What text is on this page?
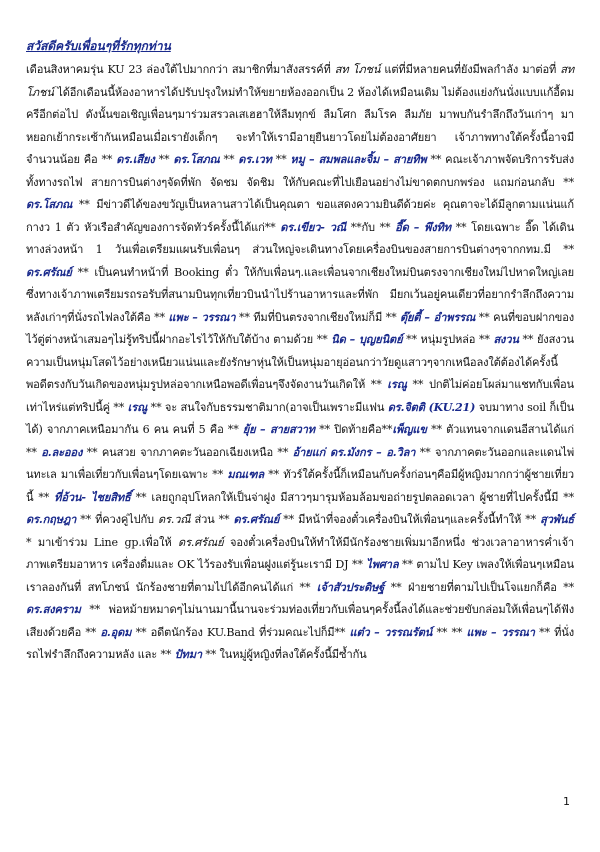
สวัสดีครับเพื่อนๆที่รักทุกท่าน

เดือนสิงหาคมรุ่น KU 23 ล่องใต้ไปมากกว่า สมาชิกที่มาสังสรรค์ที่ สท โภชน์ แต่ที่มีหลายคนที่ยังมีพลกำลัง มาต่อที่ สท โภชน์ ได้อีกเดือนนี้ห้องอาหารได้ปรับปรุงใหม่ทำให้ขยายห้องออกเป็น 2 ห้องได้เหมือนเดิม ไม่ต้องแย่งกันนั่งแบบแก้อื้ดมครีอีกต่อไป ดังนั้นขอเชิญเพื่อนๆมาร่วมสรวลเสเฮฮาให้ลืมทุกข์ ลืมโศก ลืมโรค ลืมภัย มาพบกันรำลึกถึงวันเก่าๆ มาหยอกเย้ากระเซ้ากันเหมือนเมื่อเรายังเด็กๆ จะทำให้เรามีอายุยืนยาวโดยไม่ต้องอาศัยยา เจ้าภาพทางใต้ครั้งนี้อาจมีจำนวนน้อย คือ ** ดร.เสียง ** ดร.โสภณ ** ดร.เวท ** หมู – สมพลและจิ้ม – สายทิพ ** คณะเจ้าภาพจัดบริการรับส่งทั้งทางรถไฟ สายการบินต่างๆจัดที่พัก จัดชม จัดชิม ให้กับคณะที่ไปเยือนอย่างไม่ขาดตกบกพร่อง แถมก่อนกลับ ** ดร.โสภณ ** มีข่าวดีได้ของขวัญเป็นหลานสาวได้เป็นคุณตา ขอแสดงความยินดีด้วยค่ะ คุณตาจะได้มีลูกตามแน่นแก้กางว 1 ตัว หัวเรือสำคัญของการจัดทัวร์ครั้งนี้ได้แก่** ดร.เขียว- วณี **กับ ** อี๊ด – พึงทิท ** โดยเฉพาะ อี๊ด ได้เดินทางล่วงหน้า 1 วันเพื่อเตรียมแผนรับเพื่อนๆ ส่วนใหญ่จะเดินทางโดยเครื่องบินของสายการบินต่างๆจากกทม.มี ** ดร.ศรัณย์ ** เป็นคนทำหน้าที่ Booking ตั๋ว ให้กับเพื่อนๆ.และเพื่อนจากเชียงใหม่บินตรงจากเชียงใหม่ไปหาดใหญ่เลย ซึ่งทางเจ้าภาพเตรียมรถรอรับที่สนามบินทุกเที่ยวบินนำไปร้านอาหารและที่พัก มียกเว้นอยู่คนเดียวที่อยากรำลึกถึงความหลังเก่าๆที่นั่งรถไฟลงใต้คือ ** แพะ – วรรณา ** ทีมที่บินตรงจากเชียงใหม่ก็มี ** ตุ๊ยตี้ – อำพรรณ ** คนที่ขอบฝากของไว้ตู่ต่างหน้าเสมอๆไม่รู้ทริปนี้ฝากอะไรไว้ให้กับใต้บ้าง ตามด้วย ** นิด – บุญยนิตย์ ** หนุ่มรูปหล่อ ** สงวน ** ยังสงวนความเป็นหนุ่มโสดไว้อย่างเหนียวแน่นและยังรักษาหุ่นให้เป็นหนุ่มอายุอ่อนกว่าวัยดูแสาวๆจากเหนือลงใต้ต้องได้ครั้งนี้พอดีตรงกับวันเกิดของหนุ่มรูปหล่อจากเหนือพอดีเพื่อนๆจึงจัดงานวันเกิดให้ ** เรณู ** ปกติไม่ค่อยโผล่มาแชทกับเพื่อนเท่าไหร่แต่ทริปนี้คู่ ** เรณู ** จะ สนใจกับธรรมชาติมาก(อาจเป็นเพราะมีแฟน ดร.จิตติ (KU.21) จบมาทาง soil ก็เป็นได้) จากภาคเหนือมากัน 6 คน คนที่ 5 คือ ** ยุ้ย – สายสวาท ** ปิดท้ายคือ**เพ็ญแข ** ตัวแทนจากแดนอีสานได้แก่ ** อ.ละออง ** คนสวย จากภาคตะวันออกเฉียงเหนือ ** อ้ายแก่ ดร.มังกร – อ.วิลา ** จากภาคตะวันออกและแดนไพ่นทะเล มาเพื่อเที่ยวกับเพื่อนๆโดยเฉพาะ ** มณเฑล ** ทัวร์ใต้ครั้งนี้ก็เหมือนกับครั้งก่อนๆคือมีผู้หญิงมากกว่าผู้ชายเที่ยวนี้ ** ที่อ้วน- ไชยสิทธิ์ ** เลยถูกอุปโหลกให้เป็นจ่าฝูง มีสาวๆมารุมห้อมล้อมขอถ่ายรูปตลอดเวลา ผู้ชายที่ไปครั้งนี้มี ** ดร.กฤษฎา ** ที่ควงคู่ไปกับ ดร.วณี ส่วน ** ดร.ศรัณย์ ** มีหน้าที่จองตั๋วเครื่องบินให้เพื่อนๆและครั้งนี้ทำให้ ** สุวพันธ์ * มาเข้าร่วม Line gp.เพื่อให้ ดร.ศรัณย์ จองตั๋วเครื่องบินให้ทำให้มีนักร้องชายเพิ่มมาอีกหนึ่ง ช่วงเวลาอาหารค่ำเจ้าภาพเตรียมอาหาร เครื่องดื่มและ OK ไว้รองรับเพื่อนฝูงแต่รู้นะเรามี DJ ** ไพศาล ** ตามไป Key เพลงให้เพื่อนๆเหมือนเราลองกันที่ สทโภชน์ นักร้องชายที่ตามไปได้อีกคนได้แก่ ** เจ้าสัวประดิษฐ์ ** ฝ่ายชายที่ตามไปเป็นโจแยกก็คือ ** ดร.สงคราม ** พ่อหม้ายหมาดๆไม่นานมานี้นานจะร่วมท่องเที่ยวกับเพื่อนๆครั้งนี้ลงได้และช่วยขับกล่อมให้เพื่อนๆได้ฟังเสียงด้วยคือ ** อ.อุดม ** อดีตนักร้อง KU.Band ที่ร่วมคณะไปก็มี** แต๋ว – วรรณรัตน์ ** ** แพะ – วรรณา ** ที่นั่งรถไฟรำลึกถึงความหลัง และ ** ปัทมา ** ในหมู่ผู้หญิงที่ลงใต้ครั้งนี้มีซ้ำกัน

1
